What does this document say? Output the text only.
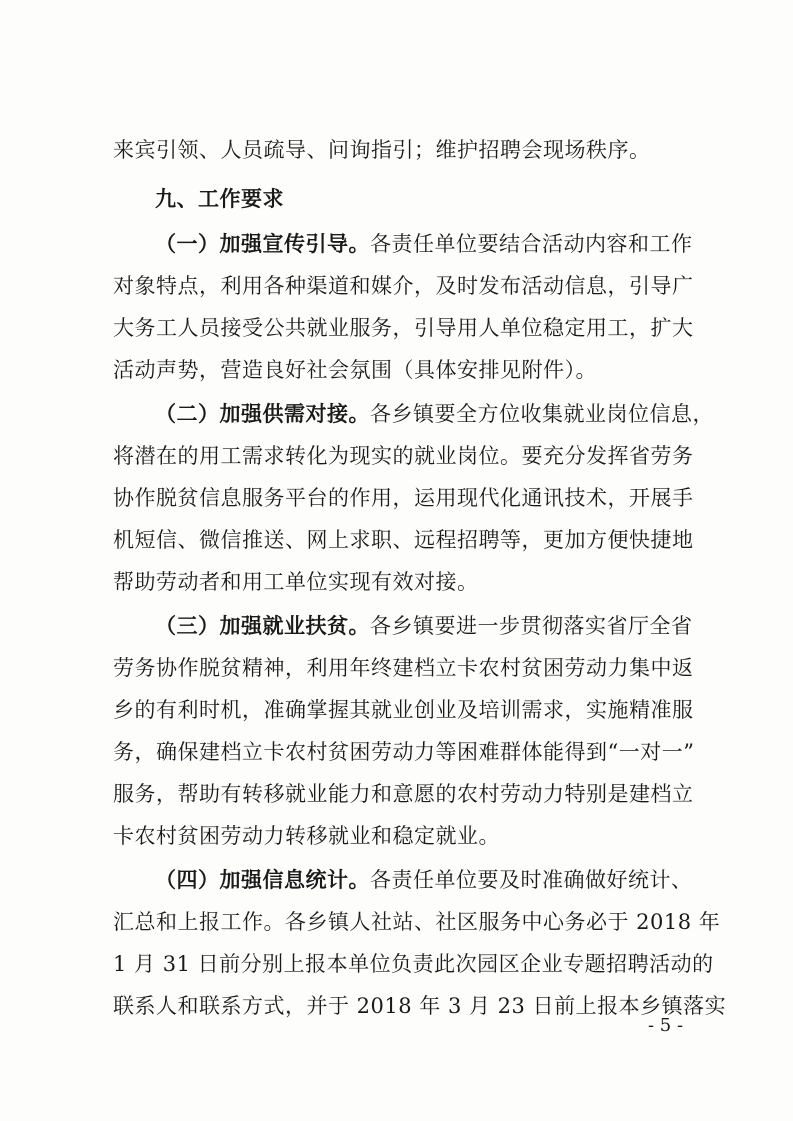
来宾引领、人员疏导、问询指引；维护招聘会现场秩序。
九、工作要求
（一）加强宣传引导。各责任单位要结合活动内容和工作
对象特点，利用各种渠道和媒介，及时发布活动信息，引导广
大务工人员接受公共就业服务，引导用人单位稳定用工，扩大
活动声势，营造良好社会氛围（具体安排见附件）。
（二）加强供需对接。各乡镇要全方位收集就业岗位信息，
将潜在的用工需求转化为现实的就业岗位。要充分发挥省劳务
协作脱贫信息服务平台的作用，运用现代化通讯技术，开展手
机短信、微信推送、网上求职、远程招聘等，更加方便快捷地
帮助劳动者和用工单位实现有效对接。
（三）加强就业扶贫。各乡镇要进一步贯彻落实省厅全省
劳务协作脱贫精神，利用年终建档立卡农村贫困劳动力集中返
乡的有利时机，准确掌握其就业创业及培训需求，实施精准服
务，确保建档立卡农村贫困劳动力等困难群体能得到“一对一”
服务，帮助有转移就业能力和意愿的农村劳动力特别是建档立
卡农村贫困劳动力转移就业和稳定就业。
（四）加强信息统计。各责任单位要及时准确做好统计、
汇总和上报工作。各乡镇人社站、社区服务中心务必于 2018 年
1 月 31 日前分别上报本单位负责此次园区企业专题招聘活动的
联系人和联系方式，并于 2018 年 3 月 23 日前上报本乡镇落实
- 5 -
